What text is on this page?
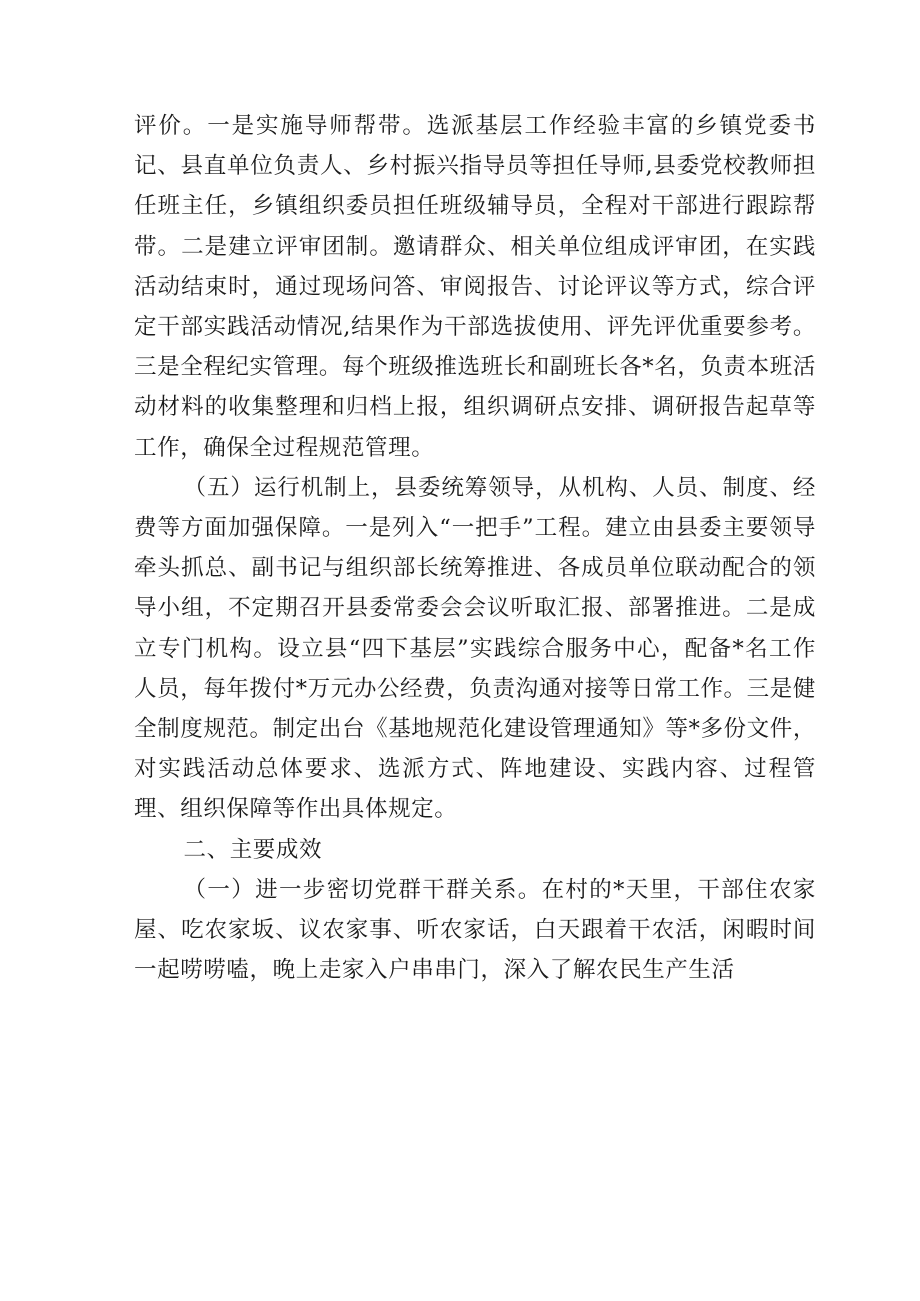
评价。一是实施导师帮带。选派基层工作经验丰富的乡镇党委书记、县直单位负责人、乡村振兴指导员等担任导师,县委党校教师担任班主任，乡镇组织委员担任班级辅导员，全程对干部进行跟踪帮带。二是建立评审团制。邀请群众、相关单位组成评审团，在实践活动结束时，通过现场问答、审阅报告、讨论评议等方式，综合评定干部实践活动情况,结果作为干部选拔使用、评先评优重要参考。三是全程纪实管理。每个班级推选班长和副班长各*名，负责本班活动材料的收集整理和归档上报，组织调研点安排、调研报告起草等工作，确保全过程规范管理。

（五）运行机制上，县委统筹领导，从机构、人员、制度、经费等方面加强保障。一是列入“一把手”工程。建立由县委主要领导牵头抓总、副书记与组织部长统筹推进、各成员单位联动配合的领导小组，不定期召开县委常委会会议听取汇报、部署推进。二是成立专门机构。设立县“四下基层”实践综合服务中心，配备*名工作人员，每年拨付*万元办公经费，负责沟通对接等日常工作。三是健全制度规范。制定出台《基地规范化建设管理通知》等*多份文件，对实践活动总体要求、选派方式、阵地建设、实践内容、过程管理、组织保障等作出具体规定。

二、主要成效

（一）进一步密切党群干群关系。在村的*天里，干部住农家屋、吃农家坂、议农家事、听农家话，白天跟着干农活，闲暇时间一起唠唠嗑，晚上走家入户串串门，深入了解农民生产生活
